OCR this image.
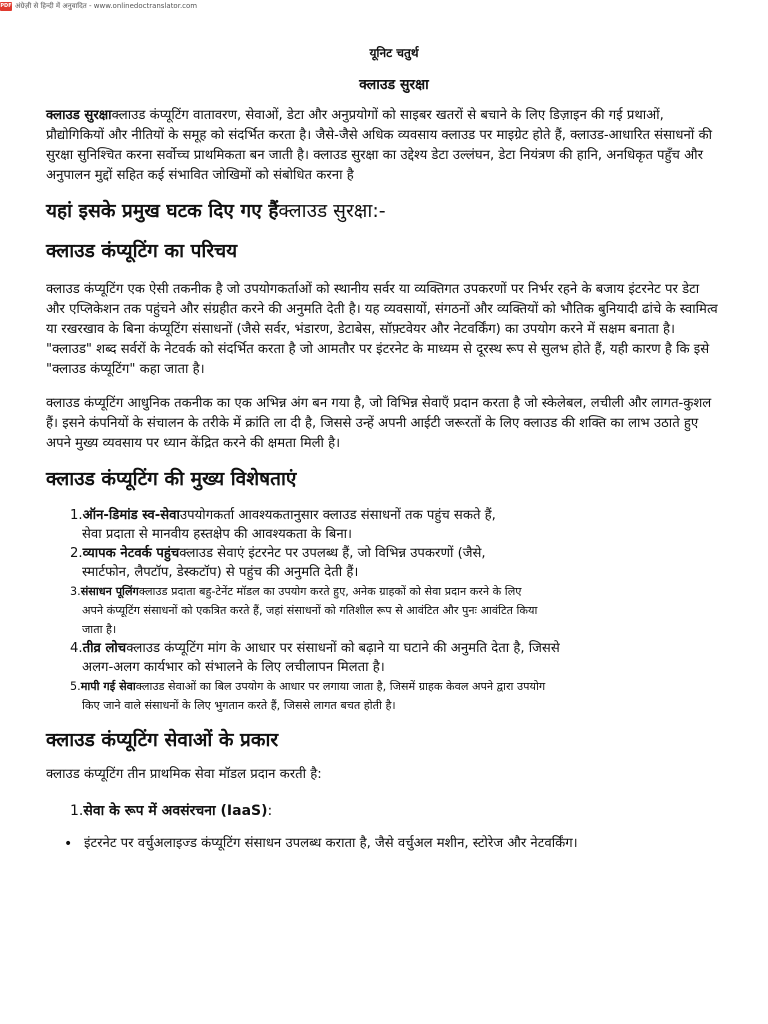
PDF अंग्रेज़ी से हिन्दी में अनुवादित - www.onlinedoctranslator.com
यूनिट चतुर्थ
क्लाउड सुरक्षा

क्लाउड सुरक्षाक्लाउड कंप्यूटिंग वातावरण, सेवाओं, डेटा और अनुप्रयोगों को साइबर खतरों से बचाने के लिए डिज़ाइन की गई प्रथाओं, प्रौद्योगिकियों और नीतियों के समूह को संदर्भित करता है। जैसे-जैसे अधिक व्यवसाय क्लाउड पर माइग्रेट होते हैं, क्लाउड-आधारित संसाधनों की सुरक्षा सुनिश्चित करना सर्वोच्च प्राथमिकता बन जाती है। क्लाउड सुरक्षा का उद्देश्य डेटा उल्लंघन, डेटा नियंत्रण की हानि, अनधिकृत पहुँच और अनुपालन मुद्दों सहित कई संभावित जोखिमों को संबोधित करना है

यहां इसके प्रमुख घटक दिए गए हैंक्लाउड सुरक्षा:-
क्लाउड कंप्यूटिंग का परिचय

क्लाउड कंप्यूटिंग एक ऐसी तकनीक है जो उपयोगकर्ताओं को स्थानीय सर्वर या व्यक्तिगत उपकरणों पर निर्भर रहने के बजाय इंटरनेट पर डेटा और एप्लिकेशन तक पहुंचने और संग्रहीत करने की अनुमति देती है। यह व्यवसायों, संगठनों और व्यक्तियों को भौतिक बुनियादी ढांचे के स्वामित्व या रखरखाव के बिना कंप्यूटिंग संसाधनों (जैसे सर्वर, भंडारण, डेटाबेस, सॉफ़्टवेयर और नेटवर्किंग) का उपयोग करने में सक्षम बनाता है। "क्लाउड" शब्द सर्वरों के नेटवर्क को संदर्भित करता है जो आमतौर पर इंटरनेट के माध्यम से दूरस्थ रूप से सुलभ होते हैं, यही कारण है कि इसे "क्लाउड कंप्यूटिंग" कहा जाता है।

क्लाउड कंप्यूटिंग आधुनिक तकनीक का एक अभिन्न अंग बन गया है, जो विभिन्न सेवाएँ प्रदान करता है जो स्केलेबल, लचीली और लागत-कुशल हैं। इसने कंपनियों के संचालन के तरीके में क्रांति ला दी है, जिससे उन्हें अपनी आईटी जरूरतों के लिए क्लाउड की शक्ति का लाभ उठाते हुए अपने मुख्य व्यवसाय पर ध्यान केंद्रित करने की क्षमता मिली है।

क्लाउड कंप्यूटिंग की मुख्य विशेषताएं
1.ऑन-डिमांड स्व-सेवाउपयोगकर्ता आवश्यकतानुसार क्लाउड संसाधनों तक पहुंच सकते हैं,
सेवा प्रदाता से मानवीय हस्तक्षेप की आवश्यकता के बिना।
2.व्यापक नेटवर्क पहुंचक्लाउड सेवाएं इंटरनेट पर उपलब्ध हैं, जो विभिन्न उपकरणों (जैसे,
स्मार्टफोन, लैपटॉप, डेस्कटॉप) से पहुंच की अनुमति देती हैं।
3.संसाधन पूलिंगक्लाउड प्रदाता बहु-टेनेंट मॉडल का उपयोग करते हुए, अनेक ग्राहकों को सेवा प्रदान करने के लिए
अपने कंप्यूटिंग संसाधनों को एकत्रित करते हैं, जहां संसाधनों को गतिशील रूप से आवंटित और पुनः आवंटित किया
जाता है।
4.तीव्र लोचक्लाउड कंप्यूटिंग मांग के आधार पर संसाधनों को बढ़ाने या घटाने की अनुमति देता है, जिससे
अलग-अलग कार्यभार को संभालने के लिए लचीलापन मिलता है।
5.मापी गई सेवाक्लाउड सेवाओं का बिल उपयोग के आधार पर लगाया जाता है, जिसमें ग्राहक केवल अपने द्वारा उपयोग
किए जाने वाले संसाधनों के लिए भुगतान करते हैं, जिससे लागत बचत होती है।
क्लाउड कंप्यूटिंग सेवाओं के प्रकार

क्लाउड कंप्यूटिंग तीन प्राथमिक सेवा मॉडल प्रदान करती है:

1.सेवा के रूप में अवसंरचना (IaaS):
• इंटरनेट पर वर्चुअलाइज्ड कंप्यूटिंग संसाधन उपलब्ध कराता है, जैसे वर्चुअल मशीन, स्टोरेज और नेटवर्किंग।
